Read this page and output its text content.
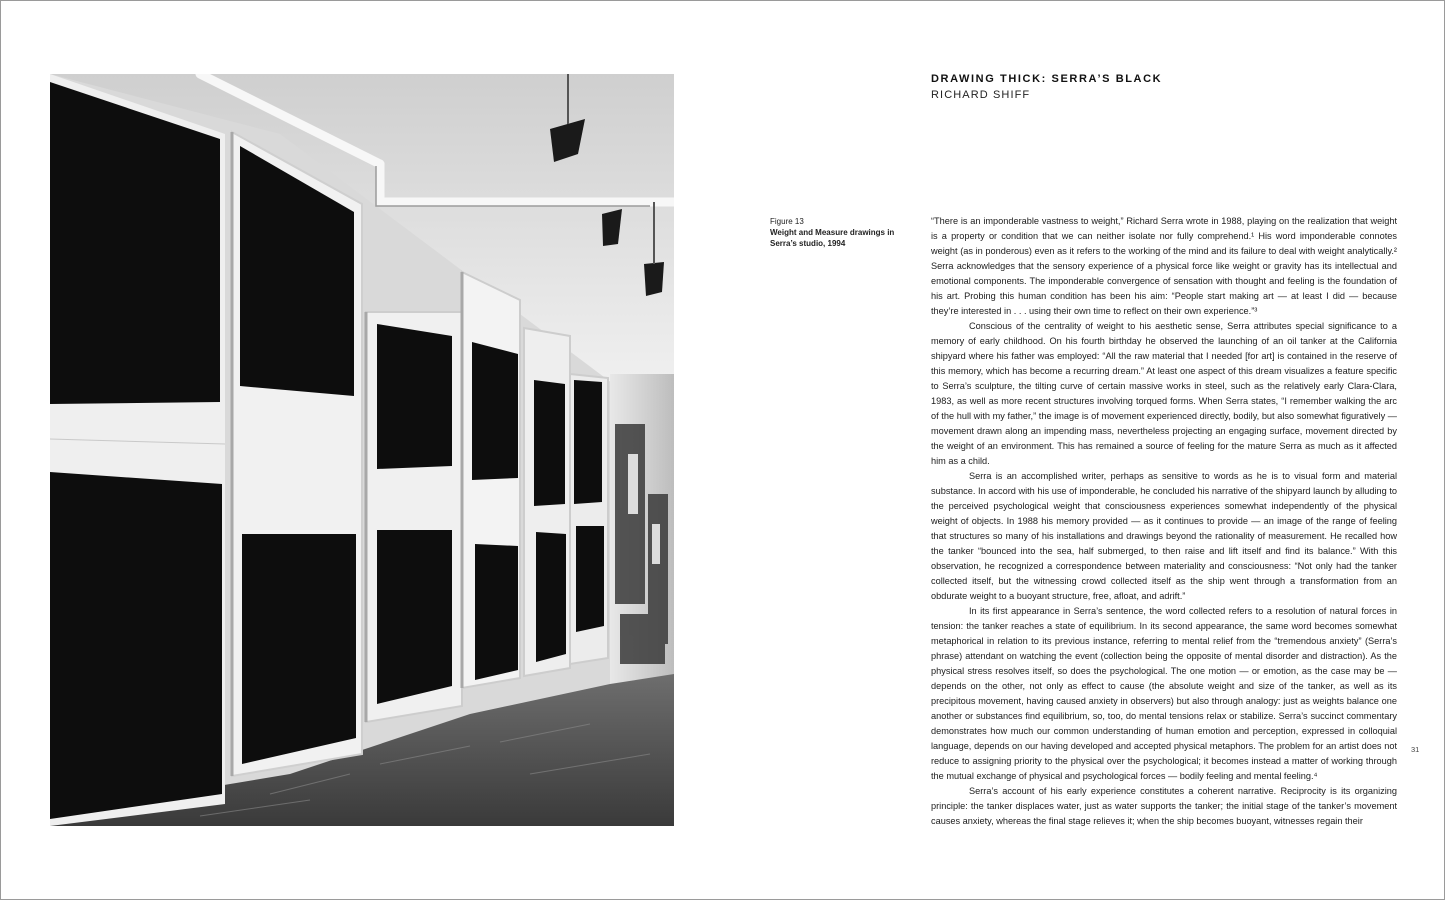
Figure 13
Weight and Measure drawings in Serra’s studio, 1994
DRAWING THICK: SERRA’S BLACK
RICHARD SHIFF

“There is an imponderable vastness to weight,” Richard Serra wrote in 1988, playing on the realization that weight is a property or condition that we can neither isolate nor fully comprehend.¹ His word imponderable connotes weight (as in ponderous) even as it refers to the working of the mind and its failure to deal with weight analytically.² Serra acknowledges that the sensory experience of a physical force like weight or gravity has its intellectual and emotional components. The imponderable convergence of sensation with thought and feeling is the foundation of his art. Probing this human condition has been his aim: “People start making art — at least I did — because they’re interested in . . . using their own time to reflect on their own experience.”³

Conscious of the centrality of weight to his aesthetic sense, Serra attributes special significance to a memory of early childhood. On his fourth birthday he observed the launching of an oil tanker at the California shipyard where his father was employed: “All the raw material that I needed [for art] is contained in the reserve of this memory, which has become a recurring dream.” At least one aspect of this dream visualizes a feature specific to Serra’s sculpture, the tilting curve of certain massive works in steel, such as the relatively early Clara-Clara, 1983, as well as more recent structures involving torqued forms. When Serra states, “I remember walking the arc of the hull with my father,” the image is of movement experienced directly, bodily, but also somewhat figuratively — movement drawn along an impending mass, nevertheless projecting an engaging surface, movement directed by the weight of an environment. This has remained a source of feeling for the mature Serra as much as it affected him as a child.

Serra is an accomplished writer, perhaps as sensitive to words as he is to visual form and material substance. In accord with his use of imponderable, he concluded his narrative of the shipyard launch by alluding to the perceived psychological weight that consciousness experiences somewhat independently of the physical weight of objects. In 1988 his memory provided — as it continues to provide — an image of the range of feeling that structures so many of his installations and drawings beyond the rationality of measurement. He recalled how the tanker “bounced into the sea, half submerged, to then raise and lift itself and find its balance.” With this observation, he recognized a correspondence between materiality and consciousness: “Not only had the tanker collected itself, but the witnessing crowd collected itself as the ship went through a transformation from an obdurate weight to a buoyant structure, free, afloat, and adrift.”

In its first appearance in Serra’s sentence, the word collected refers to a resolution of natural forces in tension: the tanker reaches a state of equilibrium. In its second appearance, the same word becomes somewhat metaphorical in relation to its previous instance, referring to mental relief from the “tremendous anxiety” (Serra’s phrase) attendant on watching the event (collection being the opposite of mental disorder and distraction). As the physical stress resolves itself, so does the psychological. The one motion — or emotion, as the case may be — depends on the other, not only as effect to cause (the absolute weight and size of the tanker, as well as its precipitous movement, having caused anxiety in observers) but also through analogy: just as weights balance one another or substances find equilibrium, so, too, do mental tensions relax or stabilize. Serra’s succinct commentary demonstrates how much our common understanding of human emotion and perception, expressed in colloquial language, depends on our having developed and accepted physical metaphors. The problem for an artist does not reduce to assigning priority to the physical over the psychological; it becomes instead a matter of working through the mutual exchange of physical and psychological forces — bodily feeling and mental feeling.⁴

Serra’s account of his early experience constitutes a coherent narrative. Reciprocity is its organizing principle: the tanker displaces water, just as water supports the tanker; the initial stage of the tanker’s movement causes anxiety, whereas the final stage relieves it; when the ship becomes buoyant, witnesses regain their

31
